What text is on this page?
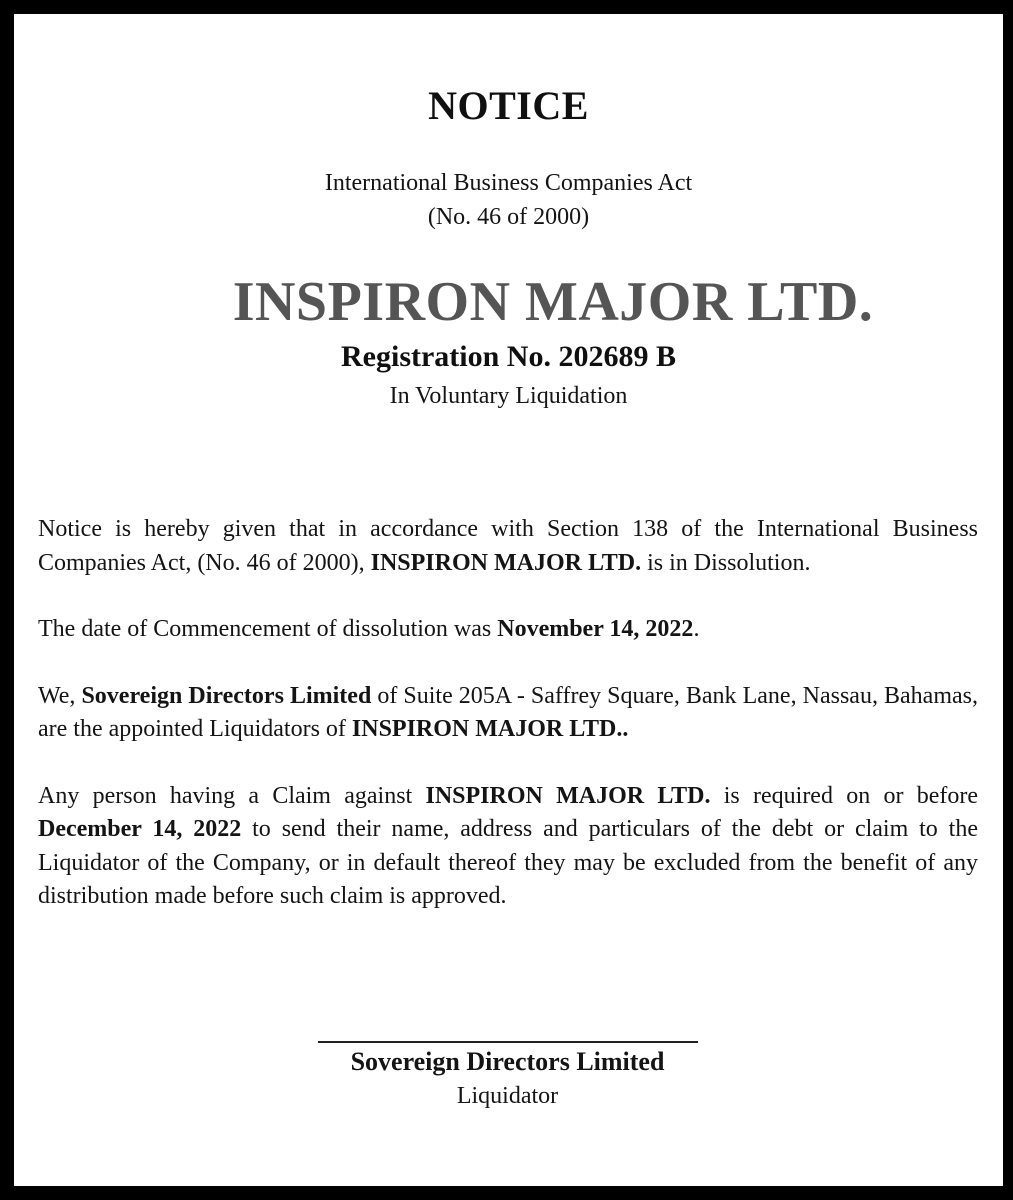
NOTICE
International Business Companies Act
(No. 46 of 2000)
INSPIRON MAJOR LTD.
Registration No. 202689 B
In Voluntary Liquidation

Notice is hereby given that in accordance with Section 138 of the International Business Companies Act, (No. 46 of 2000), INSPIRON MAJOR LTD. is in Dissolution.

The date of Commencement of dissolution was November 14, 2022.

We, Sovereign Directors Limited of Suite 205A - Saffrey Square, Bank Lane, Nassau, Bahamas, are the appointed Liquidators of INSPIRON MAJOR LTD..

Any person having a Claim against INSPIRON MAJOR LTD. is required on or before December 14, 2022 to send their name, address and particulars of the debt or claim to the Liquidator of the Company, or in default thereof they may be excluded from the benefit of any distribution made before such claim is approved.

Sovereign Directors Limited
Liquidator
